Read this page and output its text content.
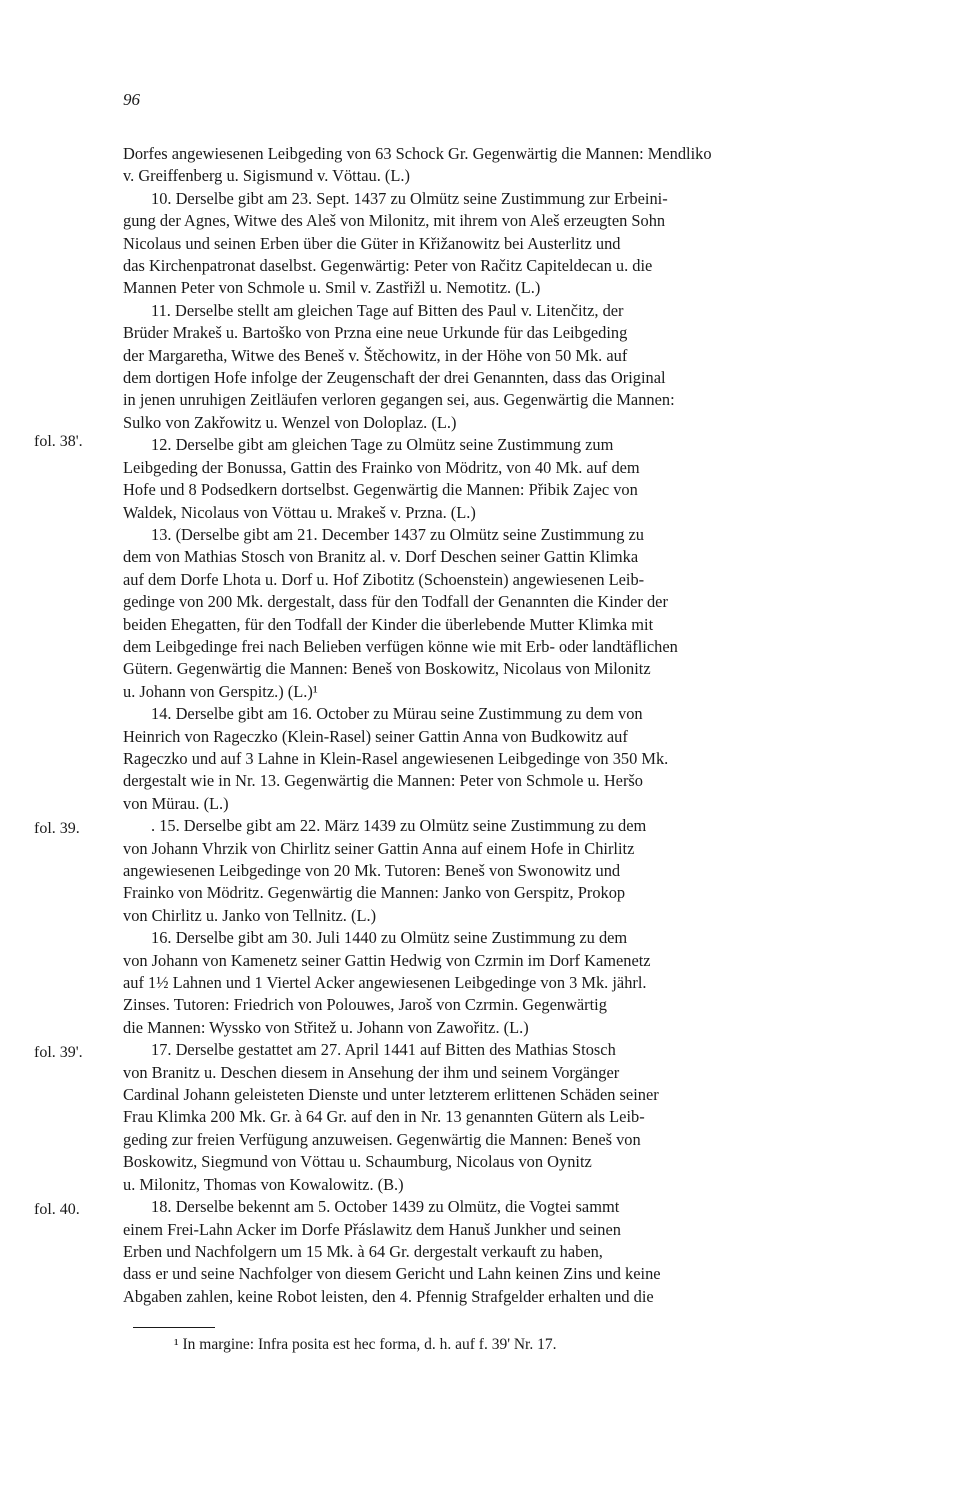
96
fol. 38'.
Dorfes angewiesenen Leibgeding von 63 Schock Gr. Gegenwärtig die Mannen: Mendliko
v. Greiffenberg u. Sigismund v. Vöttau. (L.)
10. Derselbe gibt am 23. Sept. 1437 zu Olmütz seine Zustimmung zur Erbeini-
gung der Agnes, Witwe des Aleš von Milonitz, mit ihrem von Aleš erzeugten Sohn
Nicolaus und seinen Erben über die Güter in Křižanowitz bei Austerlitz und
das Kirchenpatronat daselbst. Gegenwärtig: Peter von Račitz Capiteldecan u. die
Mannen Peter von Schmole u. Smil v. Zastřižl u. Nemotitz. (L.)
11. Derselbe stellt am gleichen Tage auf Bitten des Paul v. Litenčitz, der
Brüder Mrakeš u. Bartoško von Przna eine neue Urkunde für das Leibgeding
der Margaretha, Witwe des Beneš v. Štěchowitz, in der Höhe von 50 Mk. auf
dem dortigen Hofe infolge der Zeugenschaft der drei Genannten, dass das Original
in jenen unruhigen Zeitläufen verloren gegangen sei, aus. Gegenwärtig die Mannen:
Sulko von Zakřowitz u. Wenzel von Doloplaz. (L.)
12. Derselbe gibt am gleichen Tage zu Olmütz seine Zustimmung zum
Leibgeding der Bonussa, Gattin des Frainko von Mödritz, von 40 Mk. auf dem
Hofe und 8 Podsedkern dortselbst. Gegenwärtig die Mannen: Přibik Zajec von
Waldek, Nicolaus von Vöttau u. Mrakeš v. Przna. (L.)
13. (Derselbe gibt am 21. December 1437 zu Olmütz seine Zustimmung zu
dem von Mathias Stosch von Branitz al. v. Dorf Deschen seiner Gattin Klimka
auf dem Dorfe Lhota u. Dorf u. Hof Zibotitz (Schoenstein) angewiesenen Leib-
gedinge von 200 Mk. dergestalt, dass für den Todfall der Genannten die Kinder der
beiden Ehegatten, für den Todfall der Kinder die überlebende Mutter Klimka mit
dem Leibgedinge frei nach Belieben verfügen könne wie mit Erb- oder landtäflichen
Gütern. Gegenwärtig die Mannen: Beneš von Boskowitz, Nicolaus von Milonitz
u. Johann von Gerspitz.) (L.)¹
14. Derselbe gibt am 16. October zu Mürau seine Zustimmung zu dem von
Heinrich von Rageczko (Klein-Rasel) seiner Gattin Anna von Budkowitz auf
Rageczko und auf 3 Lahne in Klein-Rasel angewiesenen Leibgedinge von 350 Mk.
dergestalt wie in Nr. 13. Gegenwärtig die Mannen: Peter von Schmole u. Heršo
von Mürau. (L.)
. 15. Derselbe gibt am 22. März 1439 zu Olmütz seine Zustimmung zu dem
von Johann Vhrzik von Chirlitz seiner Gattin Anna auf einem Hofe in Chirlitz
angewiesenen Leibgedinge von 20 Mk. Tutoren: Beneš von Swonowitz und
Frainko von Mödritz. Gegenwärtig die Mannen: Janko von Gerspitz, Prokop
von Chirlitz u. Janko von Tellnitz. (L.)
16. Derselbe gibt am 30. Juli 1440 zu Olmütz seine Zustimmung zu dem
von Johann von Kamenetz seiner Gattin Hedwig von Czrmin im Dorf Kamenetz
auf 1½ Lahnen und 1 Viertel Acker angewiesenen Leibgedinge von 3 Mk. jährl.
Zinses. Tutoren: Friedrich von Polouwes, Jaroš von Czrmin. Gegenwärtig
die Mannen: Wyssko von Střitež u. Johann von Zawořitz. (L.)
17. Derselbe gestattet am 27. April 1441 auf Bitten des Mathias Stosch
von Branitz u. Deschen diesem in Ansehung der ihm und seinem Vorgänger
Cardinal Johann geleisteten Dienste und unter letzterem erlittenen Schäden seiner
Frau Klimka 200 Mk. Gr. à 64 Gr. auf den in Nr. 13 genannten Gütern als Leib-
geding zur freien Verfügung anzuweisen. Gegenwärtig die Mannen: Beneš von
Boskowitz, Siegmund von Vöttau u. Schaumburg, Nicolaus von Oynitz
u. Milonitz, Thomas von Kowalowitz. (B.)
18. Derselbe bekennt am 5. October 1439 zu Olmütz, die Vogtei sammt
einem Frei-Lahn Acker im Dorfe Přáslawitz dem Hanuš Junkher und seinen
Erben und Nachfolgern um 15 Mk. à 64 Gr. dergestalt verkauft zu haben,
dass er und seine Nachfolger von diesem Gericht und Lahn keinen Zins und keine
Abgaben zahlen, keine Robot leisten, den 4. Pfennig Strafgelder erhalten und die
fol. 39.
fol. 39'.
fol. 40.
¹ In margine: Infra posita est hec forma, d. h. auf f. 39' Nr. 17.
